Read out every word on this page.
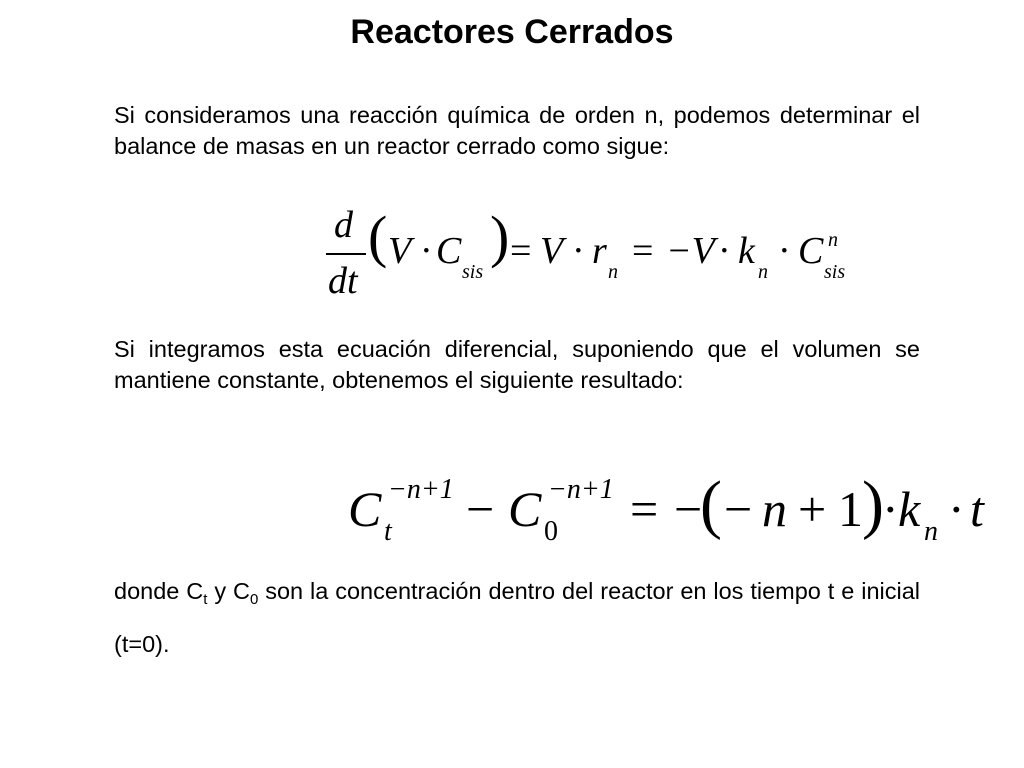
Reactores Cerrados
Si consideramos una reacción química de orden n, podemos determinar el balance de masas en un reactor cerrado como sigue:
d
dt
( V · C sis
) = V · r n = −V · k n · C n
sis
Si integramos esta ecuación diferencial, suponiendo que el volumen se mantiene constante, obtenemos el siguiente resultado:
C −n+1
t − C −n+1
0 = −
( − n + 1 )
· k n · t
donde $C_t$ y $C_0$ son la concentración dentro del reactor en los tiempo t e inicial (t=0).
